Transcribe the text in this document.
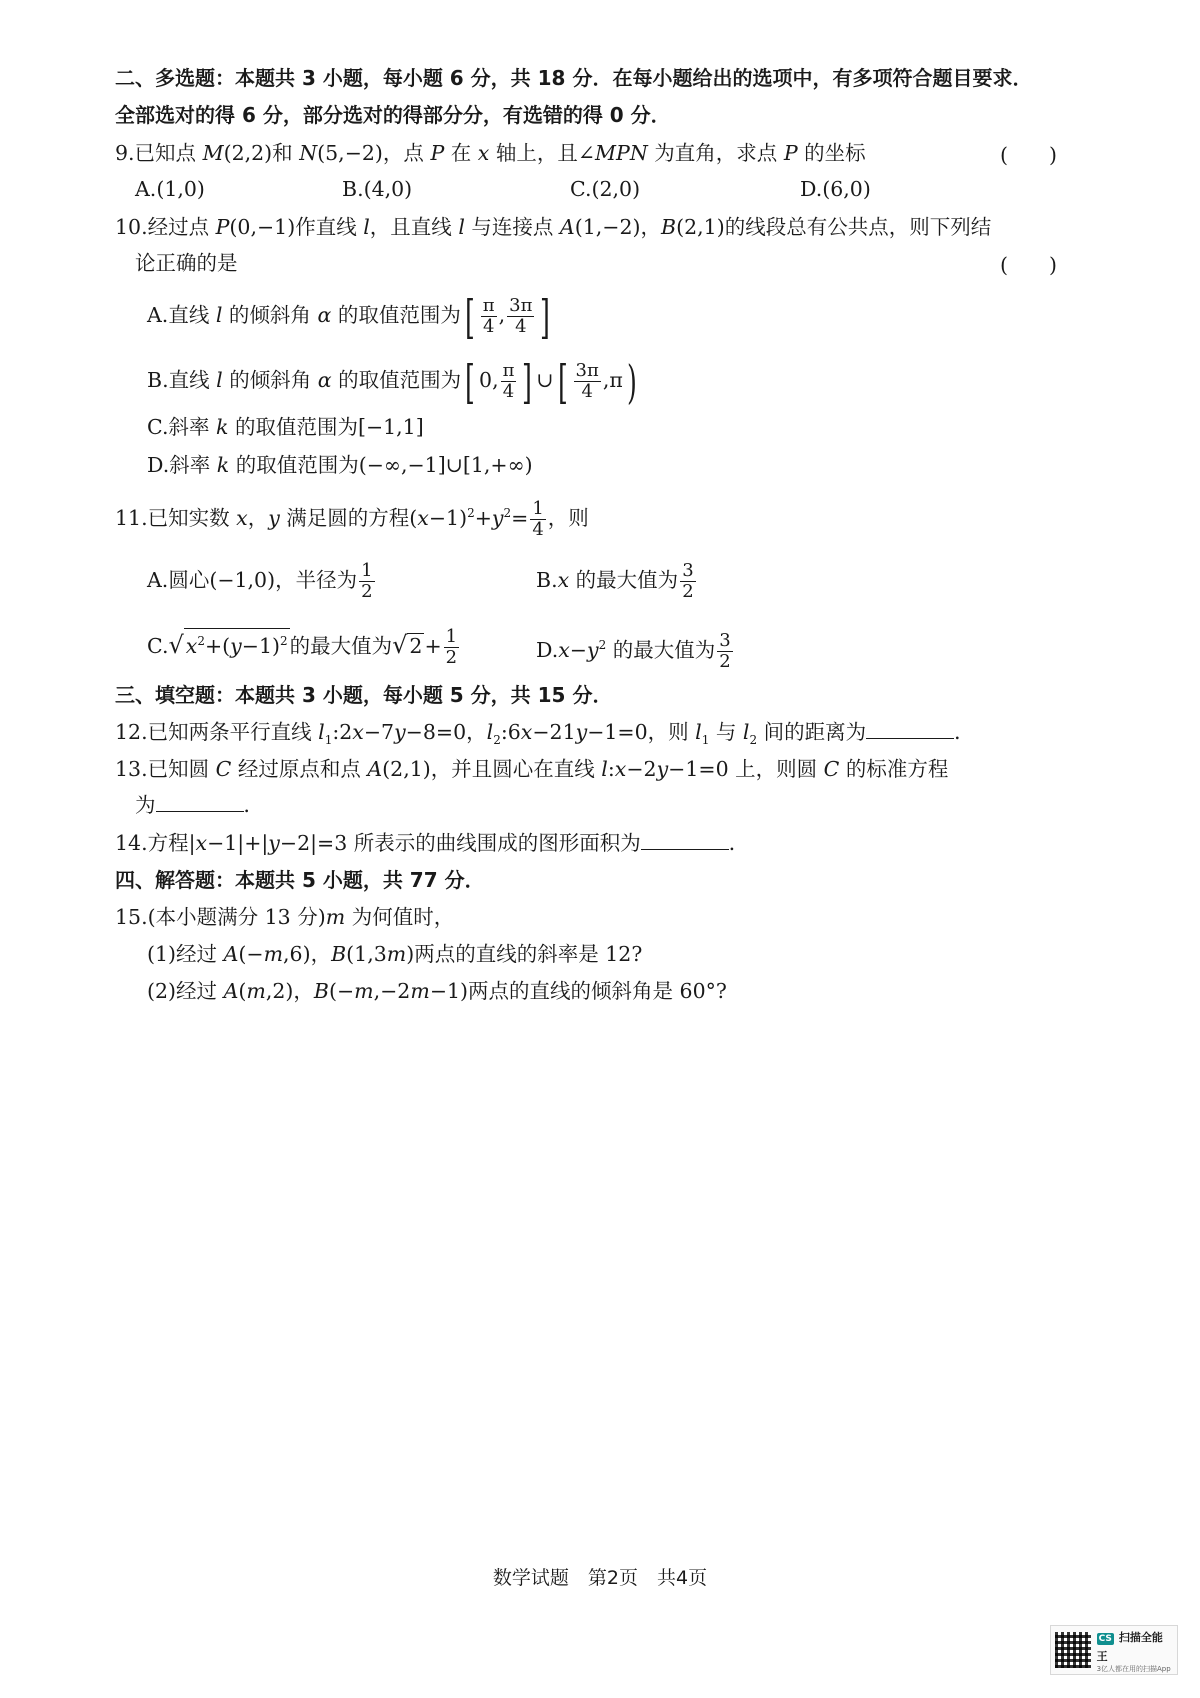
二、多选题：本题共 3 小题，每小题 6 分，共 18 分．在每小题给出的选项中，有多项符合题目要求．
全部选对的得 6 分，部分选对的得部分分，有选错的得 0 分．
9.已知点 M(2,2)和 N(5,−2)，点 P 在 x 轴上，且∠MPN 为直角，求点 P 的坐标	(　　)
A.(1,0)	B.(4,0)	C.(2,0)	D.(6,0)
10.经过点 P(0,−1)作直线 l，且直线 l 与连接点 A(1,−2)，B(2,1)的线段总有公共点，则下列结
论正确的是	(　　)
A.直线 l 的倾斜角 α 的取值范围为[ $\frac{\pi}{4}$ , $\frac{3\pi}{4}$ ]
B.直线 l 的倾斜角 α 的取值范围为[ 0, $\frac{\pi}{4}$ ] ∪[ $\frac{3\pi}{4} ,\pi$)
C.斜率 k 的取值范围为[−1,1]
D.斜率 k 的取值范围为(−∞,−1]∪[1,+∞)
11.已知实数 x，y 满足圆的方程$(x-1)^2+y^2= \frac{1}{4}$ ，则
A.圆心(−1,0)，半径为 $\frac{1}{2}$	B.x 的最大值为 $\frac{3}{2}$
$C.√x^2+(y-1)^2$的最大值为$√2+ \frac{1}{2}$	$D.x-y^2$ 的最大值为 $\frac{3}{2}$
三、填空题：本题共 3 小题，每小题 5 分，共 15 分．
12.已知两条平行直线 $l_1:2x-7y-8=0$，$l_2:6x-21y-1=0$，则 $l_1$ 与 $l_2$ 间的距离为	．
13.已知圆 C 经过原点和点 A(2,1)，并且圆心在直线 l:x−2y−1=0 上，则圆 C 的标准方程
为	．
14.方程|x−1|+|y−2|=3 所表示的曲线围成的图形面积为	．
四、解答题：本题共 5 小题，共 77 分．
15.(本小题满分 13 分)m 为何值时，
(1)经过 A(−m,6)，B(1,3m)两点的直线的斜率是 12?
(2)经过 A(m,2)，B(−m,−2m−1)两点的直线的倾斜角是 60°?
数学试题　第2页　共4页
CS 扫描全能王
3亿人都在用的扫描App
